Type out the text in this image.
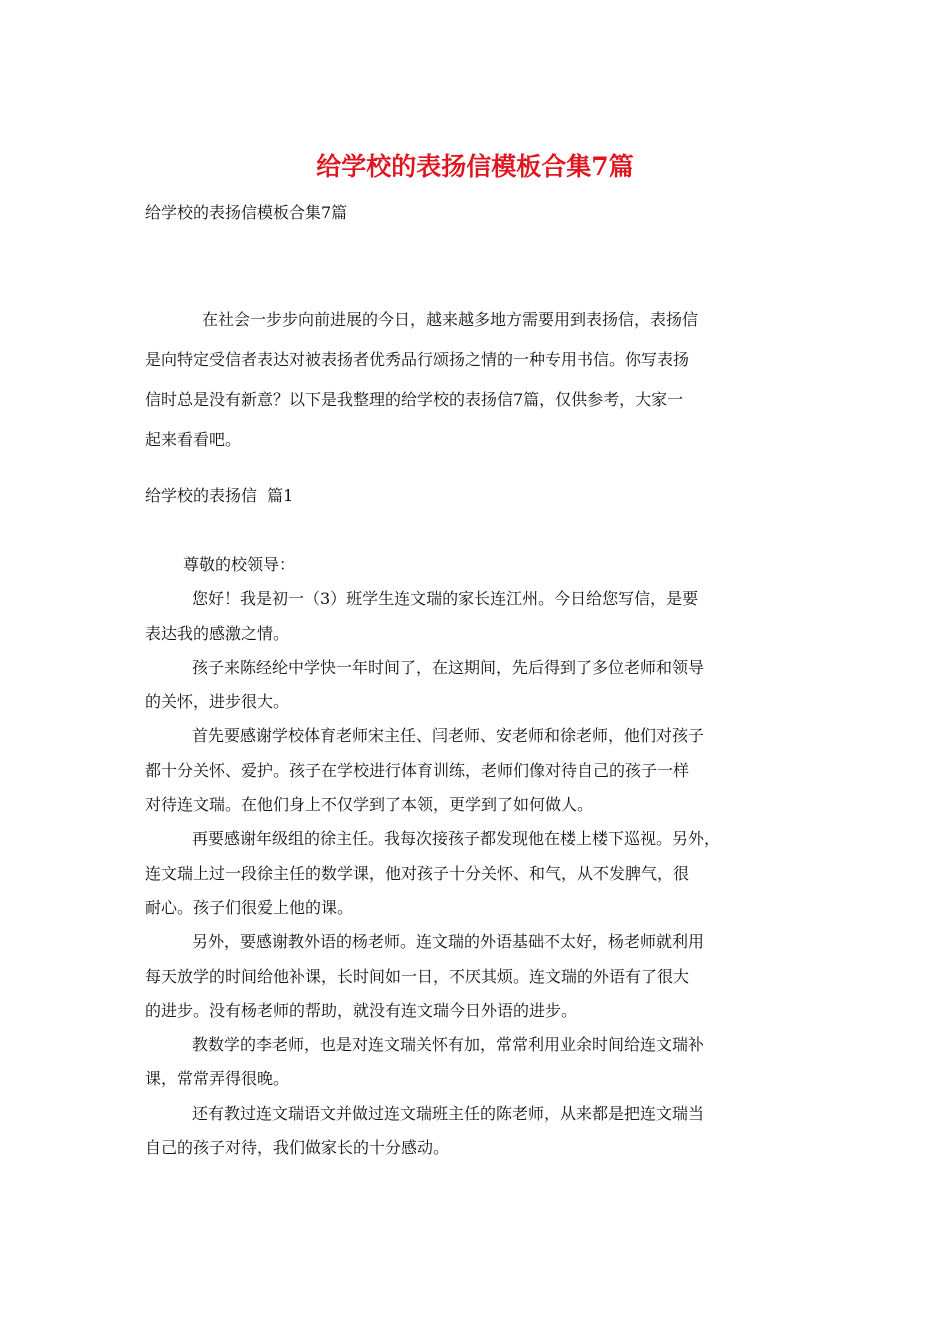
给学校的表扬信模板合集7篇

给学校的表扬信模板合集7篇

在社会一步步向前进展的今日，越来越多地方需要用到表扬信，表扬信
是向特定受信者表达对被表扬者优秀品行颂扬之情的一种专用书信。你写表扬
信时总是没有新意？以下是我整理的给学校的表扬信7篇，仅供参考，大家一
起来看看吧。

给学校的表扬信  篇1

尊敬的校领导：
您好！我是初一（3）班学生连文瑞的家长连江州。今日给您写信，是要
表达我的感激之情。
孩子来陈经纶中学快一年时间了，在这期间，先后得到了多位老师和领导
的关怀，进步很大。
首先要感谢学校体育老师宋主任、闫老师、安老师和徐老师，他们对孩子
都十分关怀、爱护。孩子在学校进行体育训练，老师们像对待自己的孩子一样
对待连文瑞。在他们身上不仅学到了本领，更学到了如何做人。
再要感谢年级组的徐主任。我每次接孩子都发现他在楼上楼下巡视。另外，
连文瑞上过一段徐主任的数学课，他对孩子十分关怀、和气，从不发脾气，很
耐心。孩子们很爱上他的课。
另外，要感谢教外语的杨老师。连文瑞的外语基础不太好，杨老师就利用
每天放学的时间给他补课，长时间如一日，不厌其烦。连文瑞的外语有了很大
的进步。没有杨老师的帮助，就没有连文瑞今日外语的进步。
教数学的李老师，也是对连文瑞关怀有加，常常利用业余时间给连文瑞补
课，常常弄得很晚。
还有教过连文瑞语文并做过连文瑞班主任的陈老师，从来都是把连文瑞当
自己的孩子对待，我们做家长的十分感动。
